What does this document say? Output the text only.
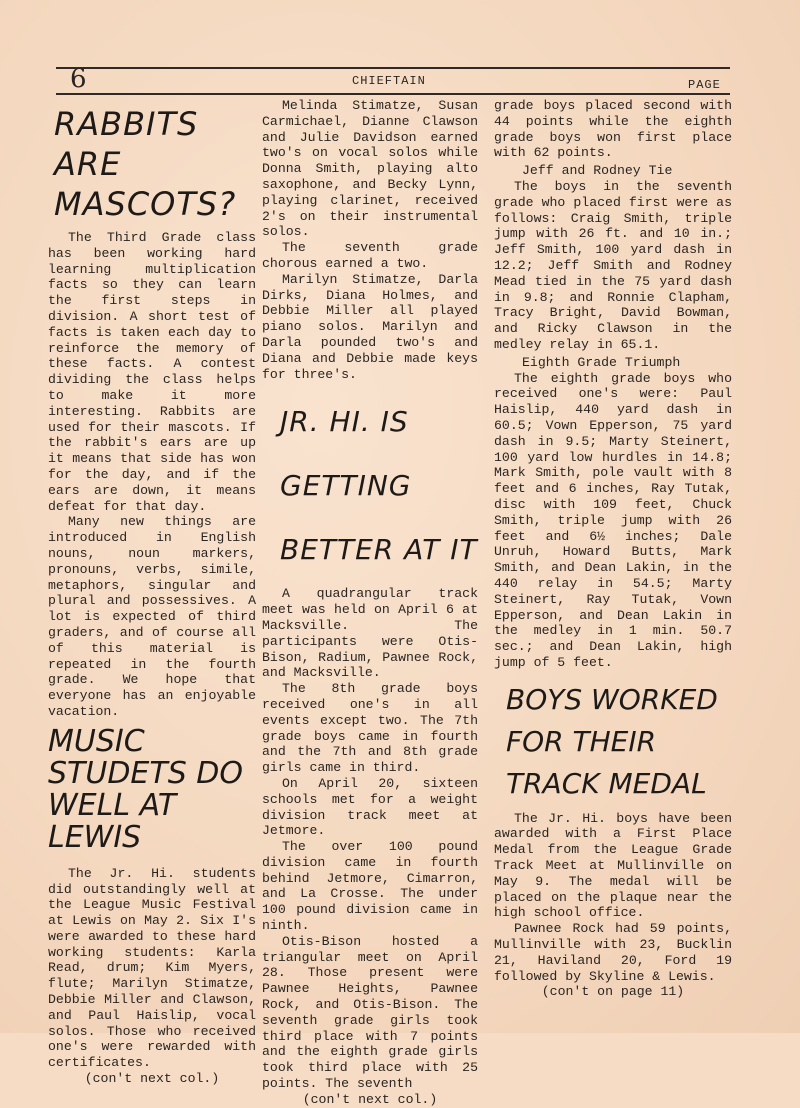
6	CHIEFTAIN	PAGE
RABBITS ARE MASCOTS?

The Third Grade class has been working hard learning multiplication facts so they can learn the first steps in division. A short test of facts is taken each day to reinforce the memory of these facts. A contest dividing the class helps to make it more interesting. Rabbits are used for their mascots. If the rabbit's ears are up it means that side has won for the day, and if the ears are down, it means defeat for that day.

Many new things are introduced in English nouns, noun markers, pronouns, verbs, simile, metaphors, singular and plural and possessives. A lot is expected of third graders, and of course all of this material is repeated in the fourth grade. We hope that everyone has an enjoyable vacation.

MUSIC STUDETS DO WELL AT LEWIS

The Jr. Hi. students did outstandingly well at the League Music Festival at Lewis on May 2. Six I's were awarded to these hard working students: Karla Read, drum; Kim Myers, flute; Marilyn Stimatze, Debbie Miller and Clawson, and Paul Haislip, vocal solos. Those who received one's were rewarded with certificates.

(con't next col.)

Melinda Stimatze, Susan Carmichael, Dianne Clawson and Julie Davidson earned two's on vocal solos while Donna Smith, playing alto saxophone, and Becky Lynn, playing clarinet, received 2's on their instrumental solos.

The seventh grade chorous earned a two.

Marilyn Stimatze, Darla Dirks, Diana Holmes, and Debbie Miller all played piano solos. Marilyn and Darla pounded two's and Diana and Debbie made keys for three's.

JR. HI. IS GETTING BETTER AT IT

A quadrangular track meet was held on April 6 at Macksville. The participants were Otis-Bison, Radium, Pawnee Rock, and Macksville.

The 8th grade boys received one's in all events except two. The 7th grade boys came in fourth and the 7th and 8th grade girls came in third.

On April 20, sixteen schools met for a weight division track meet at Jetmore.

The over 100 pound division came in fourth behind Jetmore, Cimarron, and La Crosse. The under 100 pound division came in ninth.

Otis-Bison hosted a triangular meet on April 28. Those present were Pawnee Heights, Pawnee Rock, and Otis-Bison. The seventh grade girls took third place with 7 points and the eighth grade girls took third place with 25 points. The seventh

(con't next col.)

grade boys placed second with 44 points while the eighth grade boys won first place with 62 points.

Jeff and Rodney Tie

The boys in the seventh grade who placed first were as follows: Craig Smith, triple jump with 26 ft. and 10 in.; Jeff Smith, 100 yard dash in 12.2; Jeff Smith and Rodney Mead tied in the 75 yard dash in 9.8; and Ronnie Clapham, Tracy Bright, David Bowman, and Ricky Clawson in the medley relay in 65.1.

Eighth Grade Triumph

The eighth grade boys who received one's were: Paul Haislip, 440 yard dash in 60.5; Vown Epperson, 75 yard dash in 9.5; Marty Steinert, 100 yard low hurdles in 14.8; Mark Smith, pole vault with 8 feet and 6 inches, Ray Tutak, disc with 109 feet, Chuck Smith, triple jump with 26 feet and 6½ inches; Dale Unruh, Howard Butts, Mark Smith, and Dean Lakin, in the 440 relay in 54.5; Marty Steinert, Ray Tutak, Vown Epperson, and Dean Lakin in the medley in 1 min. 50.7 sec.; and Dean Lakin, high jump of 5 feet.

BOYS WORKED FOR THEIR TRACK MEDAL

The Jr. Hi. boys have been awarded with a First Place Medal from the League Grade Track Meet at Mullinville on May 9. The medal will be placed on the plaque near the high school office.

Pawnee Rock had 59 points, Mullinville with 23, Bucklin 21, Haviland 20, Ford 19 followed by Skyline & Lewis.

(con't on page 11)
